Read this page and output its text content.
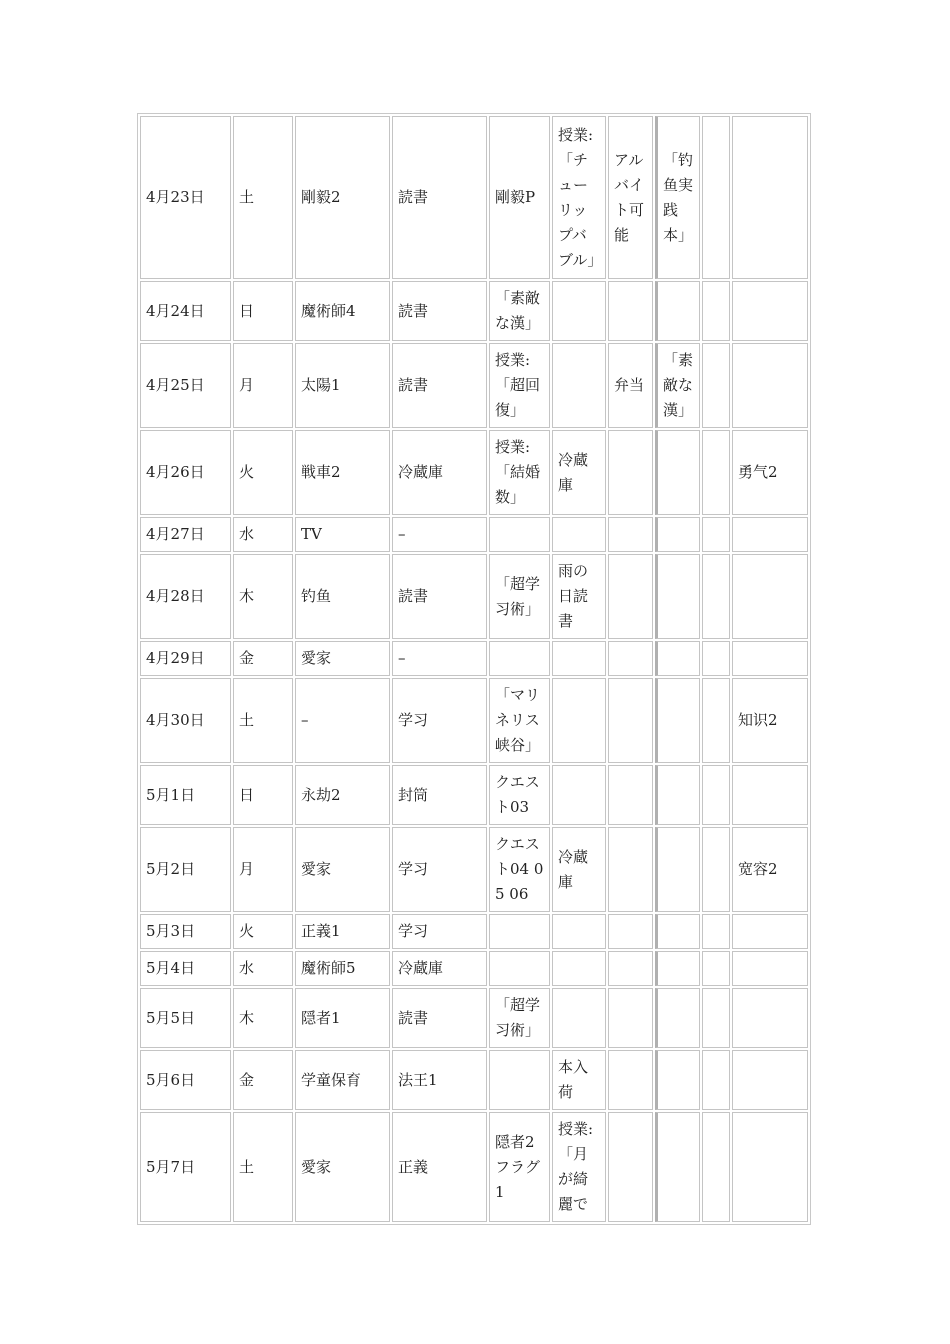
4月23日	土	剛毅2	読書	剛毅P	授業:「チューリップバブル」	アルバイト可能	「钓鱼実践本」		
4月24日	日	魔術師4	読書	「素敵な漢」					
4月25日	月	太陽1	読書	授業:「超回復」		弁当	「素敵な漢」		
4月26日	火	戦車2	冷蔵庫	授業:「結婚数」	冷蔵庫				勇气2
4月27日	水	TV	–						
4月28日	木	钓鱼	読書	「超学习術」	雨の日読書				
4月29日	金	愛家	–						
4月30日	土	–	学习	「マリネリス峡谷」					知识2
5月1日	日	永劫2	封筒	クエスト03					
5月2日	月	愛家	学习	クエスト04 05 06	冷蔵庫				宽容2
5月3日	火	正義1	学习						
5月4日	水	魔術師5	冷蔵庫						
5月5日	木	隠者1	読書	「超学习術」					
5月6日	金	学童保育	法王1		本入荷				
5月7日	土	愛家	正義	隠者2 フラグ1	授業:「月が綺麗で				
